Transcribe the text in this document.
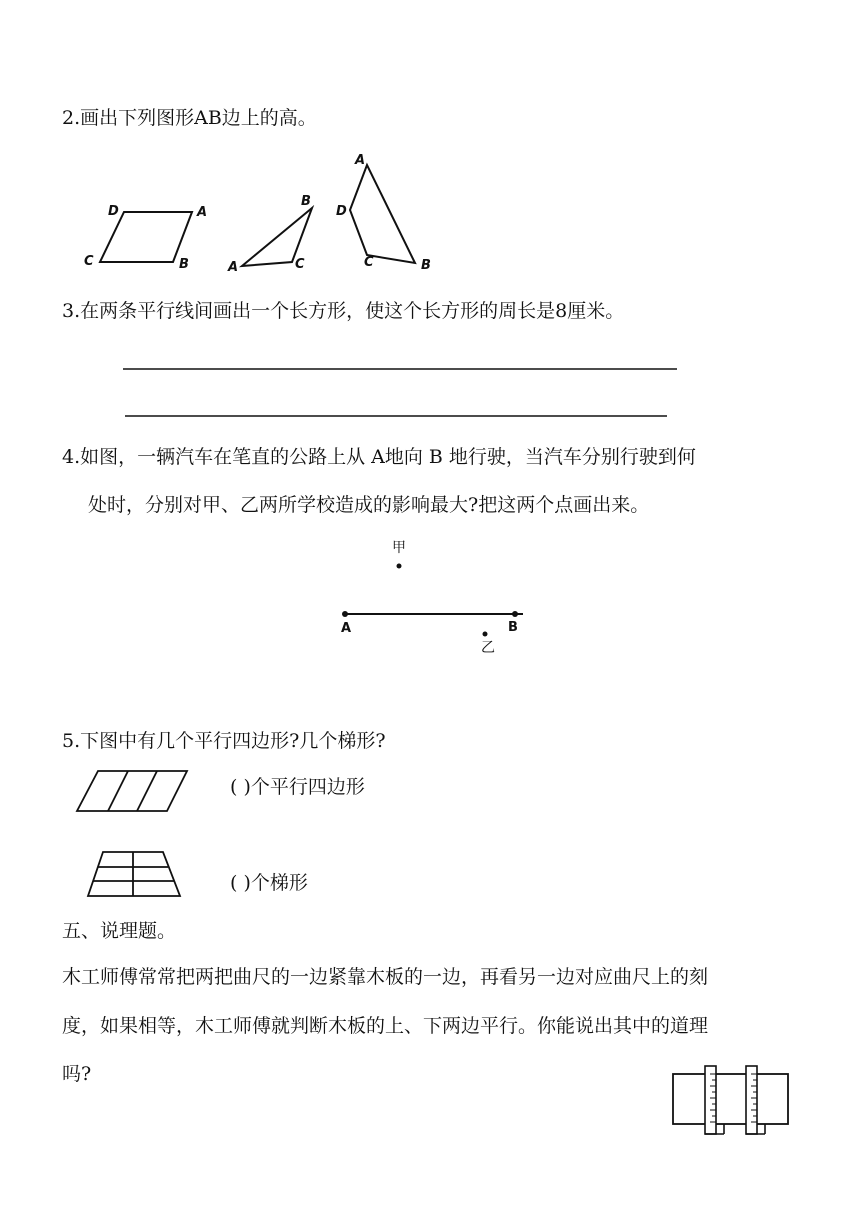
2.画出下列图形AB边上的高。
D	A
C	B
B
A	C
A
D
C	B
3.在两条平行线间画出一个长方形，使这个长方形的周长是8厘米。
4.如图，一辆汽车在笔直的公路上从 A地向 B 地行驶，当汽车分别行驶到何
处时，分别对甲、乙两所学校造成的影响最大?把这两个点画出来。
甲
A	B
乙
5.下图中有几个平行四边形?几个梯形?
( )个平行四边形
( )个梯形
五、说理题。
木工师傅常常把两把曲尺的一边紧靠木板的一边，再看另一边对应曲尺上的刻
度，如果相等，木工师傅就判断木板的上、下两边平行。你能说出其中的道理
吗?
